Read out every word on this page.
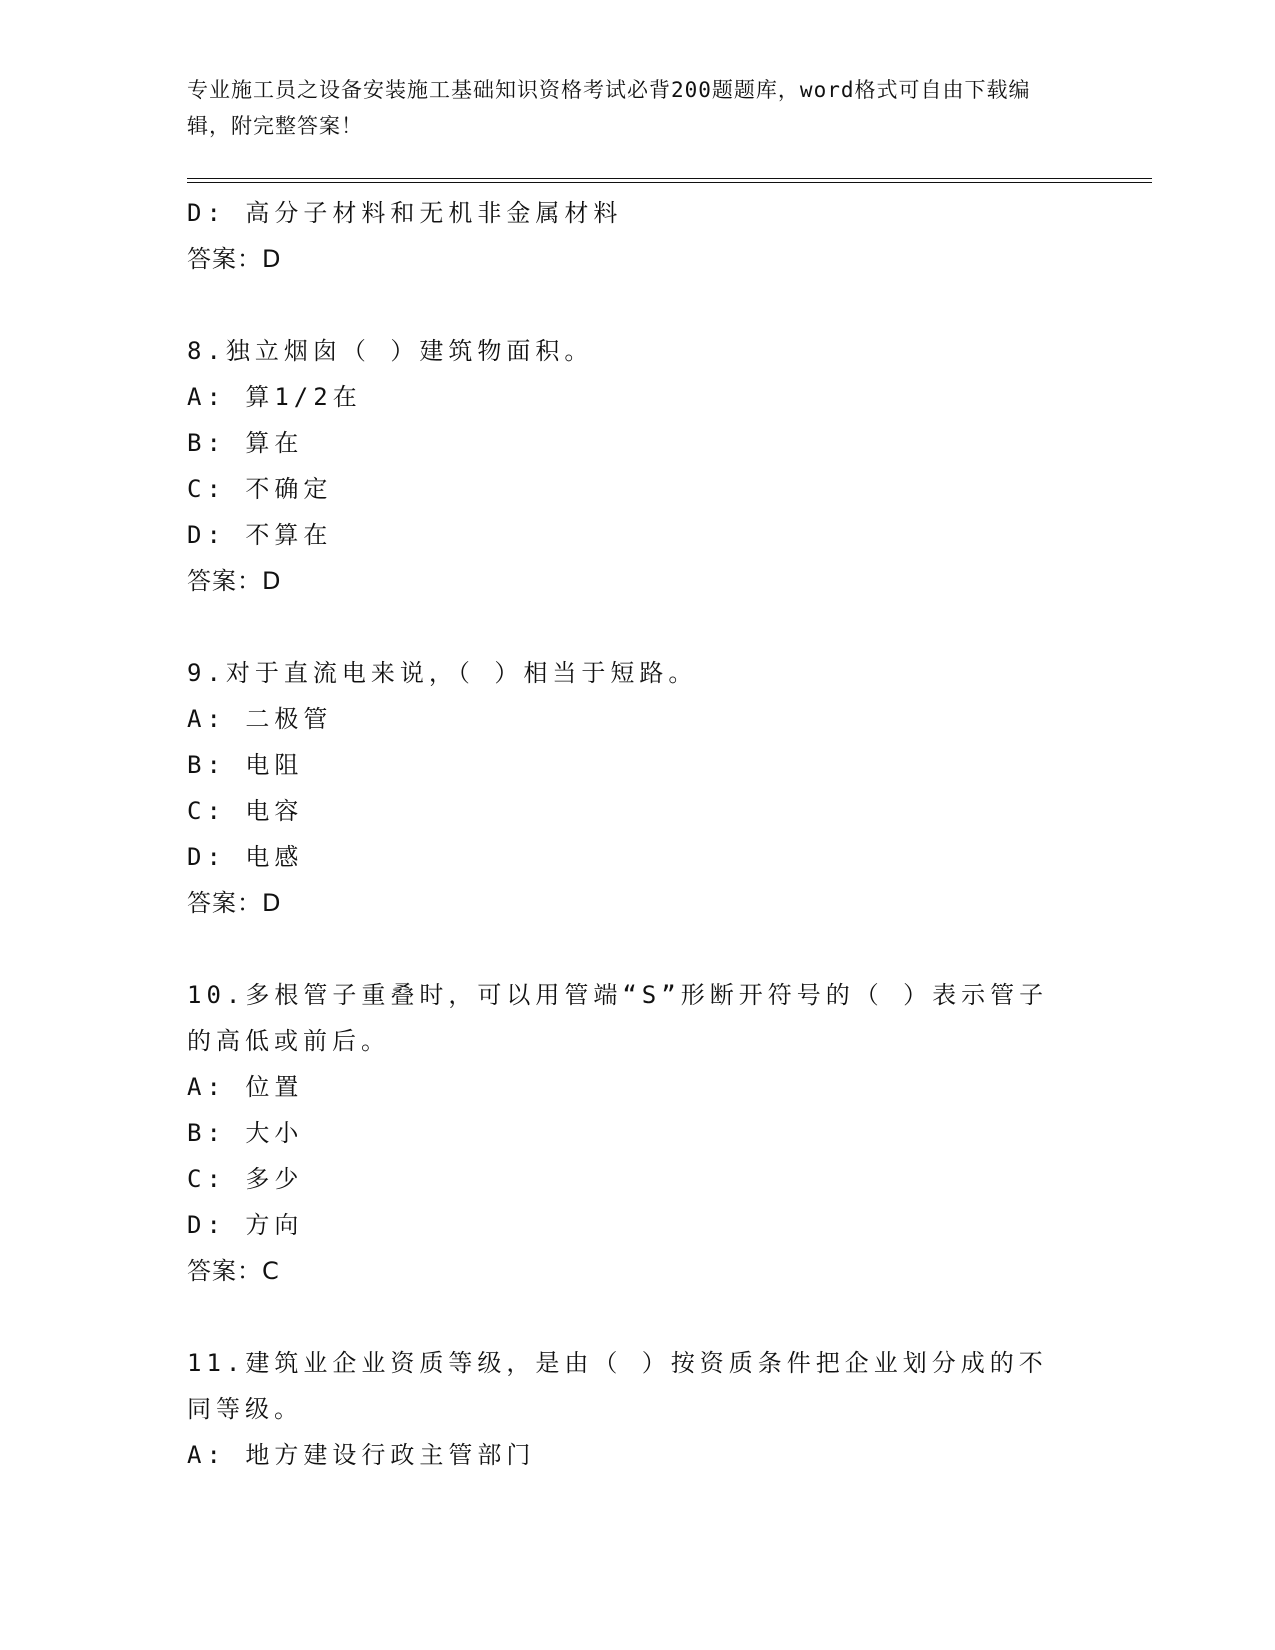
专业施工员之设备安装施工基础知识资格考试必背200题题库，word格式可自由下载编辑，附完整答案！
D: 高分子材料和无机非金属材料
答案：D
8.独立烟囱（ ）建筑物面积。
A: 算1/2在
B: 算在
C: 不确定
D: 不算在
答案：D
9.对于直流电来说，（ ）相当于短路。
A: 二极管
B: 电阻
C: 电容
D: 电感
答案：D
10.多根管子重叠时，可以用管端“S”形断开符号的（ ）表示管子的高低或前后。
A: 位置
B: 大小
C: 多少
D: 方向
答案：C
11.建筑业企业资质等级，是由（ ）按资质条件把企业划分成的不同等级。
A: 地方建设行政主管部门
